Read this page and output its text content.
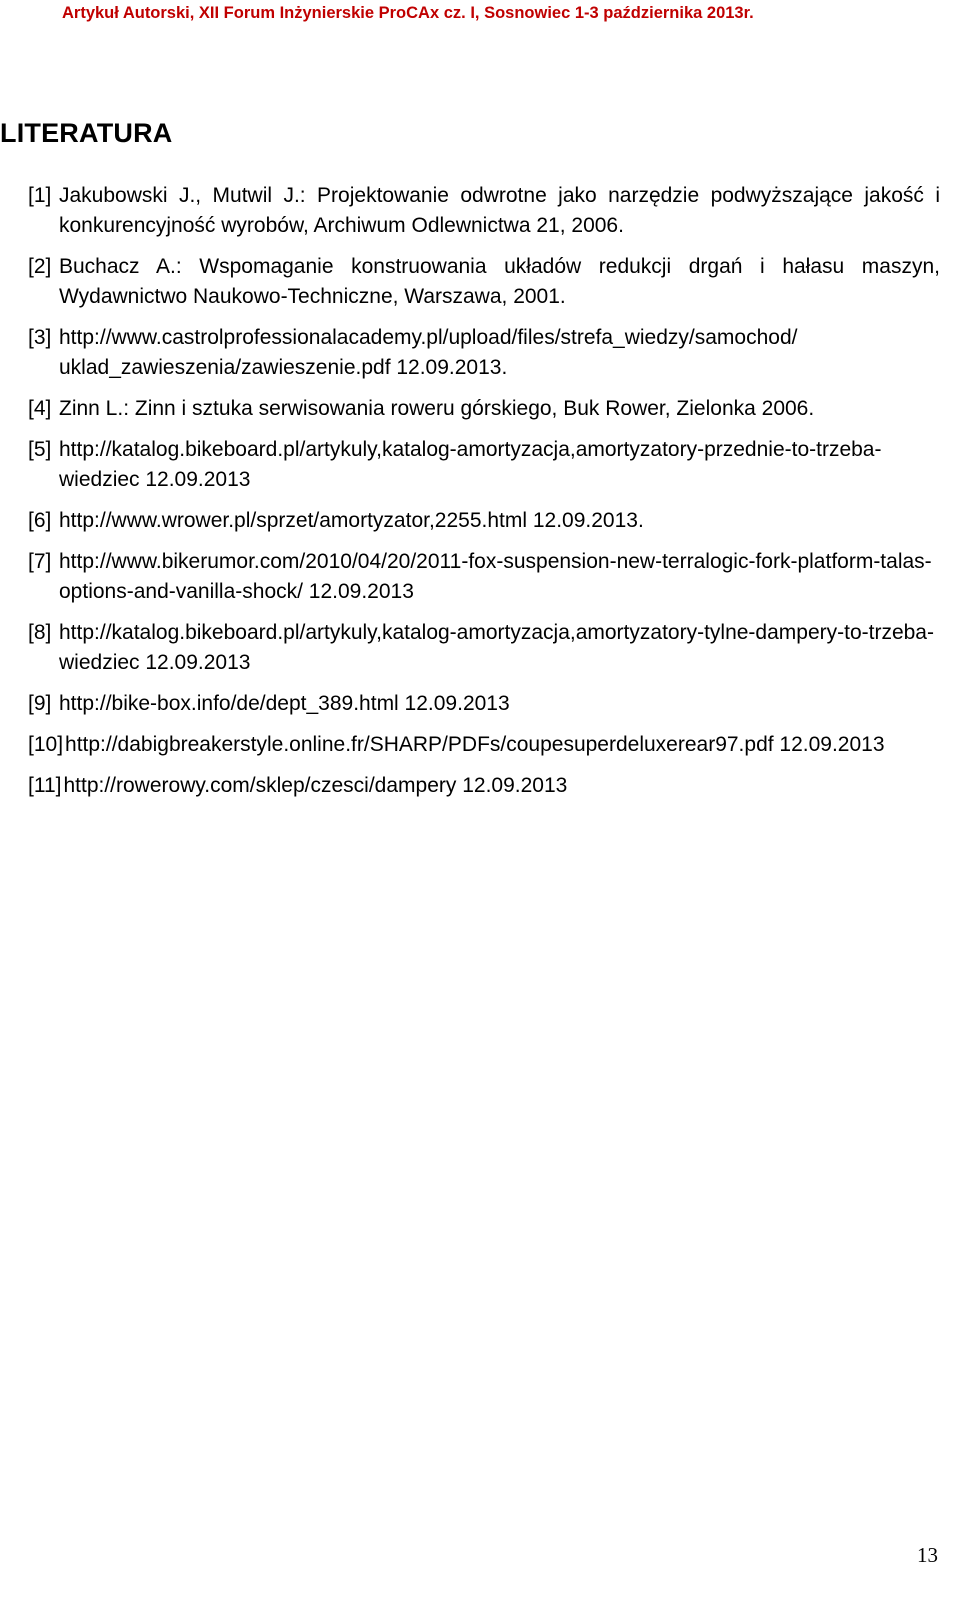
Artykuł Autorski, XII Forum Inżynierskie ProCAx cz. I, Sosnowiec 1-3 października 2013r.
LITERATURA
[1] Jakubowski J., Mutwil J.: Projektowanie odwrotne jako narzędzie podwyższające jakość i konkurencyjność wyrobów, Archiwum Odlewnictwa 21, 2006.
[2] Buchacz A.: Wspomaganie konstruowania układów redukcji drgań i hałasu maszyn, Wydawnictwo Naukowo-Techniczne, Warszawa, 2001.
[3] http://www.castrolprofessionalacademy.pl/upload/files/strefa_wiedzy/samochod/ uklad_zawieszenia/zawieszenie.pdf 12.09.2013.
[4] Zinn L.: Zinn i sztuka serwisowania roweru górskiego, Buk Rower, Zielonka 2006.
[5] http://katalog.bikeboard.pl/artykuly,katalog-amortyzacja,amortyzatory-przednie-to-trzeba-wiedziec 12.09.2013
[6] http://www.wrower.pl/sprzet/amortyzator,2255.html 12.09.2013.
[7] http://www.bikerumor.com/2010/04/20/2011-fox-suspension-new-terralogic-fork-platform-talas-options-and-vanilla-shock/ 12.09.2013
[8] http://katalog.bikeboard.pl/artykuly,katalog-amortyzacja,amortyzatory-tylne-dampery-to-trzeba-wiedziec 12.09.2013
[9] http://bike-box.info/de/dept_389.html 12.09.2013
[10]http://dabigbreakerstyle.online.fr/SHARP/PDFs/coupesuperdeluxerear97.pdf 12.09.2013
[11]http://rowerowy.com/sklep/czesci/dampery 12.09.2013
13
